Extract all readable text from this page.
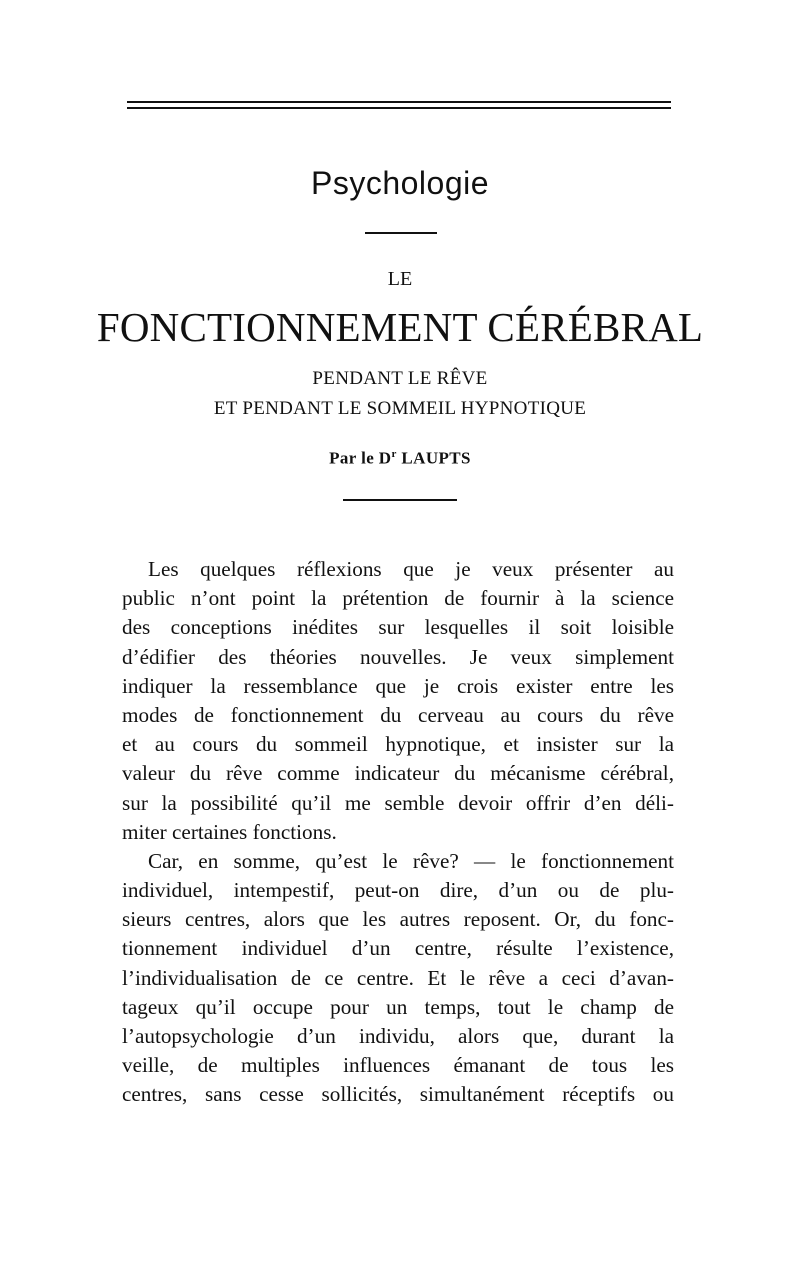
Psychologie
LE
FONCTIONNEMENT CÉRÉBRAL
PENDANT LE RÊVE
ET PENDANT LE SOMMEIL HYPNOTIQUE
Par le $D^r$ LAUPTS
Les quelques réflexions que je veux présenter au
public n’ont point la prétention de fournir à la science
des conceptions inédites sur lesquelles il soit loisible
d’édifier des théories nouvelles. Je veux simplement
indiquer la ressemblance que je crois exister entre les
modes de fonctionnement du cerveau au cours du rêve
et au cours du sommeil hypnotique, et insister sur la
valeur du rêve comme indicateur du mécanisme cérébral,
sur la possibilité qu’il me semble devoir offrir d’en déli-
miter certaines fonctions.
Car, en somme, qu’est le rêve? — le fonctionnement
individuel, intempestif, peut-on dire, d’un ou de plu-
sieurs centres, alors que les autres reposent. Or, du fonc-
tionnement individuel d’un centre, résulte l’existence,
l’individualisation de ce centre. Et le rêve a ceci d’avan-
tageux qu’il occupe pour un temps, tout le champ de
l’autopsychologie d’un individu, alors que, durant la
veille, de multiples influences émanant de tous les
centres, sans cesse sollicités, simultanément réceptifs ou
